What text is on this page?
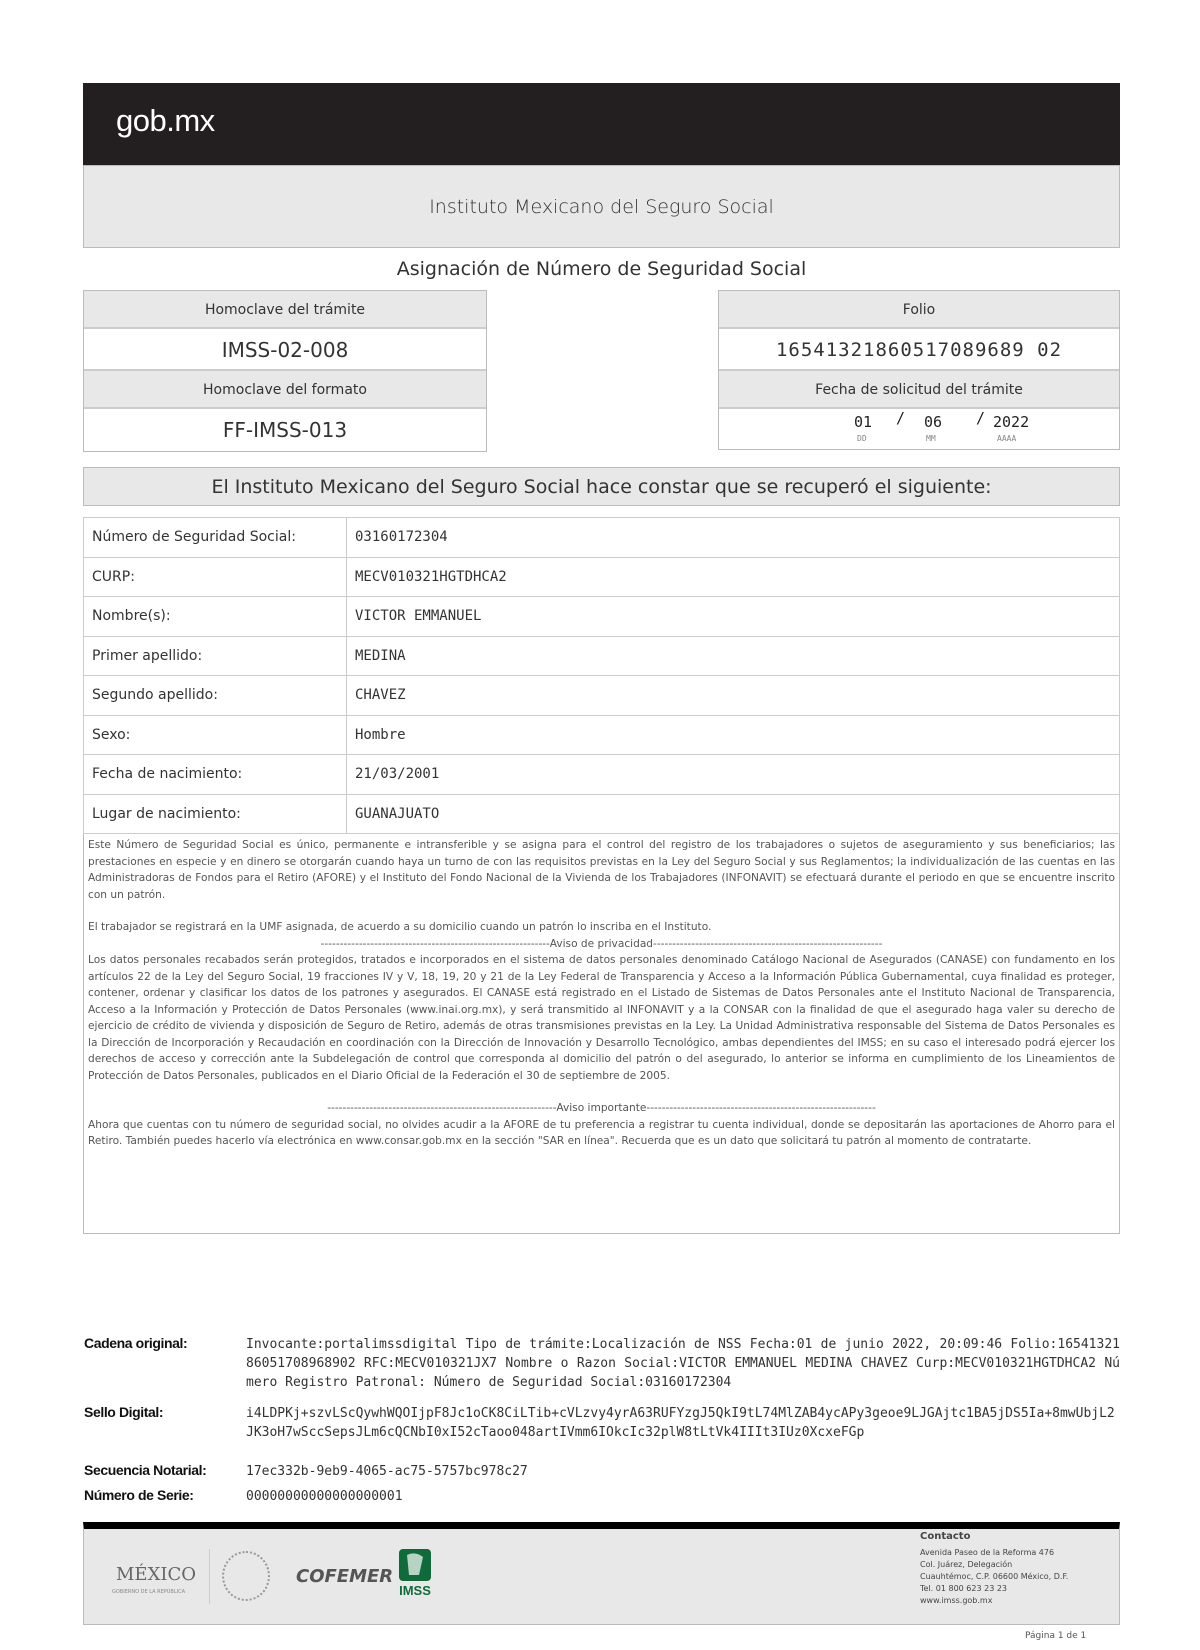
gob.mx
Instituto Mexicano del Seguro Social
Asignación de Número de Seguridad Social
Homoclave del trámite
IMSS-02-008
Homoclave del formato
FF-IMSS-013
Folio
16541321860517089689 02
Fecha de solicitud del trámite
01 / 06 / 2022
DD	MM	AAAA
El Instituto Mexicano del Seguro Social hace constar que se recuperó el siguiente:
Número de Seguridad Social:	03160172304
CURP:	MECV010321HGTDHCA2
Nombre(s):	VICTOR EMMANUEL
Primer apellido:	MEDINA
Segundo apellido:	CHAVEZ
Sexo:	Hombre
Fecha de nacimiento:	21/03/2001
Lugar de nacimiento:	GUANAJUATO

Este Número de Seguridad Social es único, permanente e intransferible y se asigna para el control del registro de los trabajadores o sujetos de aseguramiento y sus beneficiarios; las prestaciones en especie y en dinero se otorgarán cuando haya un turno de con las requisitos previstas en la Ley del Seguro Social y sus Reglamentos; la individualización de las cuentas en las Administradoras de Fondos para el Retiro (AFORE) y el Instituto del Fondo Nacional de la Vivienda de los Trabajadores (INFONAVIT) se efectuará durante el periodo en que se encuentre inscrito con un patrón.

El trabajador se registrará en la UMF asignada, de acuerdo a su domicilio cuando un patrón lo inscriba en el Instituto.

------------------------------------------------------------Aviso de privacidad------------------------------------------------------------

Los datos personales recabados serán protegidos, tratados e incorporados en el sistema de datos personales denominado Catálogo Nacional de Asegurados (CANASE) con fundamento en los artículos 22 de la Ley del Seguro Social, 19 fracciones IV y V, 18, 19, 20 y 21 de la Ley Federal de Transparencia y Acceso a la Información Pública Gubernamental, cuya finalidad es proteger, contener, ordenar y clasificar los datos de los patrones y asegurados. El CANASE está registrado en el Listado de Sistemas de Datos Personales ante el Instituto Nacional de Transparencia, Acceso a la Información y Protección de Datos Personales (www.inai.org.mx), y será transmitido al INFONAVIT y a la CONSAR con la finalidad de que el asegurado haga valer su derecho de ejercicio de crédito de vivienda y disposición de Seguro de Retiro, además de otras transmisiones previstas en la Ley. La Unidad Administrativa responsable del Sistema de Datos Personales es la Dirección de Incorporación y Recaudación en coordinación con la Dirección de Innovación y Desarrollo Tecnológico, ambas dependientes del IMSS; en su caso el interesado podrá ejercer los derechos de acceso y corrección ante la Subdelegación de control que corresponda al domicilio del patrón o del asegurado, lo anterior se informa en cumplimiento de los Lineamientos de Protección de Datos Personales, publicados en el Diario Oficial de la Federación el 30 de septiembre de 2005.

------------------------------------------------------------Aviso importante------------------------------------------------------------

Ahora que cuentas con tu número de seguridad social, no olvides acudir a la AFORE de tu preferencia a registrar tu cuenta individual, donde se depositarán las aportaciones de Ahorro para el Retiro. También puedes hacerlo vía electrónica en www.consar.gob.mx en la sección "SAR en línea". Recuerda que es un dato que solicitará tu patrón al momento de contratarte.

Cadena original:	Invocante:portalimssdigital Tipo de trámite:Localización de NSS Fecha:01 de junio 2022, 20:09:46 Folio:1654132186051708968902 RFC:MECV010321JX7 Nombre o Razon Social:VICTOR EMMANUEL MEDINA CHAVEZ Curp:MECV010321HGTDHCA2 Número Registro Patronal: Número de Seguridad Social:03160172304
Sello Digital:	i4LDPKj+szvLScQywhWQOIjpF8Jc1oCK8CiLTib+cVLzvy4yrA63RUFYzgJ5QkI9tL74MlZAB4ycAPy3geoe9LJGAjtc1BA5jDS5Ia+8mwUbjL2JK3oH7wSccSepsJLm6cQCNbI0xI52cTaoo048artIVmm6IOkcIc32plW8tLtVk4IIIt3IUz0XcxeFGp
Secuencia Notarial:	17ec332b-9eb9-4065-ac75-5757bc978c27
Número de Serie:	00000000000000000001
MÉXICO
GOBIERNO DE LA REPÚBLICA
COFEMER
IMSS
Contacto
Avenida Paseo de la Reforma 476
Col. Juárez, Delegación
Cuauhtémoc, C.P. 06600 México, D.F.
Tel. 01 800 623 23 23
www.imss.gob.mx
Página 1 de 1
